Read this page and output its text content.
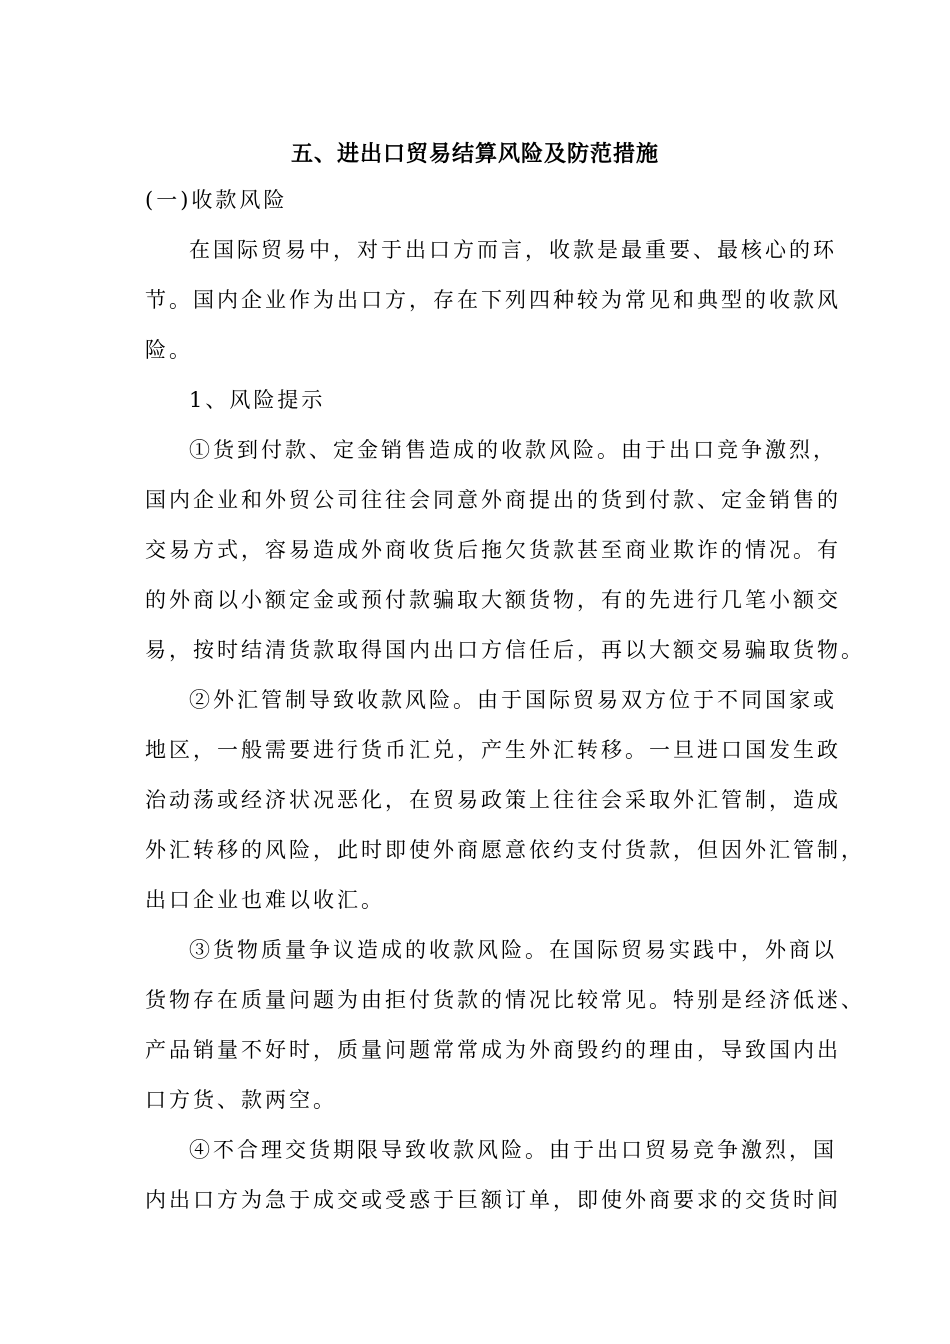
五、进出口贸易结算风险及防范措施
(一)收款风险
在国际贸易中，对于出口方而言，收款是最重要、最核心的环
节。国内企业作为出口方，存在下列四种较为常见和典型的收款风
险。
1、风险提示
①货到付款、定金销售造成的收款风险。由于出口竞争激烈，
国内企业和外贸公司往往会同意外商提出的货到付款、定金销售的
交易方式，容易造成外商收货后拖欠货款甚至商业欺诈的情况。有
的外商以小额定金或预付款骗取大额货物，有的先进行几笔小额交
易，按时结清货款取得国内出口方信任后，再以大额交易骗取货物。
②外汇管制导致收款风险。由于国际贸易双方位于不同国家或
地区，一般需要进行货币汇兑，产生外汇转移。一旦进口国发生政
治动荡或经济状况恶化，在贸易政策上往往会采取外汇管制，造成
外汇转移的风险，此时即使外商愿意依约支付货款，但因外汇管制，
出口企业也难以收汇。
③货物质量争议造成的收款风险。在国际贸易实践中，外商以
货物存在质量问题为由拒付货款的情况比较常见。特别是经济低迷、
产品销量不好时，质量问题常常成为外商毁约的理由，导致国内出
口方货、款两空。
④不合理交货期限导致收款风险。由于出口贸易竞争激烈，国
内出口方为急于成交或受惑于巨额订单，即使外商要求的交货时间
